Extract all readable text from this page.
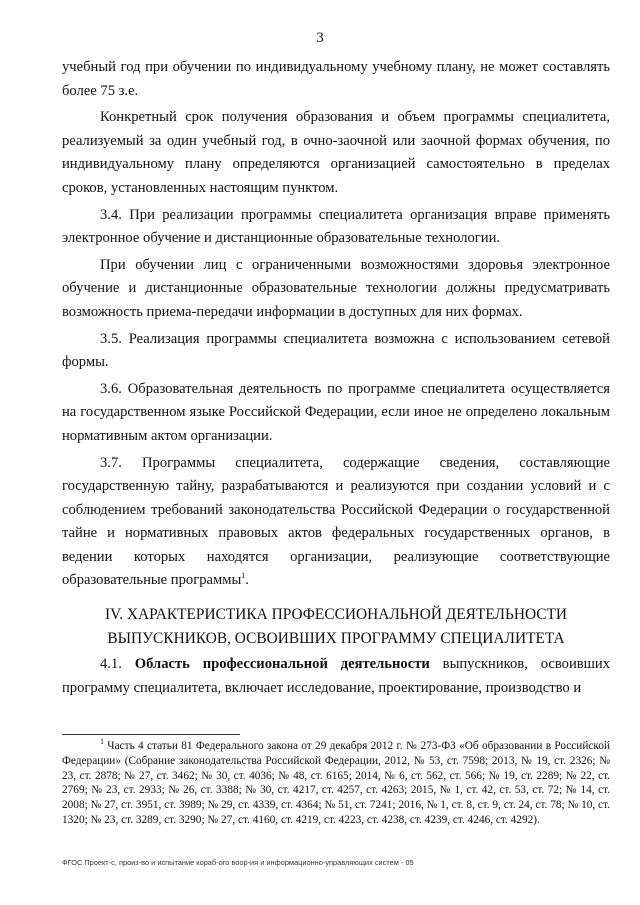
3

учебный год при обучении по индивидуальному учебному плану, не может составлять более 75 з.е.

Конкретный срок получения образования и объем программы специалитета, реализуемый за один учебный год, в очно-заочной или заочной формах обучения, по индивидуальному плану определяются организацией самостоятельно в пределах сроков, установленных настоящим пунктом.

3.4. При реализации программы специалитета организация вправе применять электронное обучение и дистанционные образовательные технологии.

При обучении лиц с ограниченными возможностями здоровья электронное обучение и дистанционные образовательные технологии должны предусматривать возможность приема-передачи информации в доступных для них формах.

3.5. Реализация программы специалитета возможна с использованием сетевой формы.

3.6. Образовательная деятельность по программе специалитета осуществляется на государственном языке Российской Федерации, если иное не определено локальным нормативным актом организации.

3.7. Программы специалитета, содержащие сведения, составляющие государственную тайну, разрабатываются и реализуются при создании условий и с соблюдением требований законодательства Российской Федерации о государственной тайне и нормативных правовых актов федеральных государственных органов, в ведении которых находятся организации, реализующие соответствующие образовательные программы$^1$.

IV. ХАРАКТЕРИСТИКА ПРОФЕССИОНАЛЬНОЙ ДЕЯТЕЛЬНОСТИ
ВЫПУСКНИКОВ, ОСВОИВШИХ ПРОГРАММУ СПЕЦИАЛИТЕТА

4.1. Область профессиональной деятельности выпускников, освоивших программу специалитета, включает исследование, проектирование, производство и

$^1$ Часть 4 статьи 81 Федерального закона от 29 декабря 2012 г. № 273-ФЗ «Об образовании в Российской Федерации» (Собрание законодательства Российской Федерации, 2012, № 53, ст. 7598; 2013, № 19, ст. 2326; № 23, ст. 2878; № 27, ст. 3462; № 30, ст. 4036; № 48, ст. 6165; 2014, № 6, ст. 562, ст. 566; № 19, ст. 2289; № 22, ст. 2769; № 23, ст. 2933; № 26, ст. 3388; № 30, ст. 4217, ст. 4257, ст. 4263; 2015, № 1, ст. 42, ст. 53, ст. 72; № 14, ст. 2008; № 27, ст. 3951, ст. 3989; № 29, ст. 4339, ст. 4364; № 51, ст. 7241; 2016, № 1, ст. 8, ст. 9, ст. 24, ст. 78; № 10, ст. 1320; № 23, ст. 3289, ст. 3290; № 27, ст. 4160, ст. 4219, ст. 4223, ст. 4238, ст. 4239, ст. 4246, ст. 4292).

ФГОС Проект-с, произ-во и испытание кораб-ого воор-ия и информационно-управляющих систем - 05
